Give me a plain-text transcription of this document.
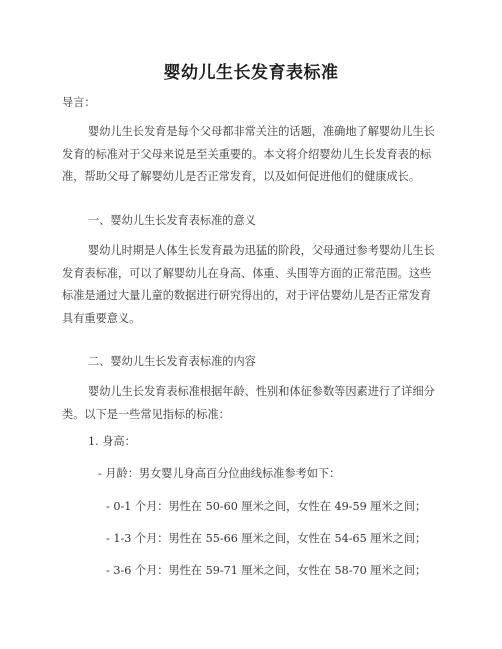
婴幼儿生长发育表标准

导言：

婴幼儿生长发育是每个父母都非常关注的话题，准确地了解婴幼儿生长发育的标准对于父母来说是至关重要的。本文将介绍婴幼儿生长发育表的标准，帮助父母了解婴幼儿是否正常发育，以及如何促进他们的健康成长。

一、婴幼儿生长发育表标准的意义

婴幼儿时期是人体生长发育最为迅猛的阶段，父母通过参考婴幼儿生长发育表标准，可以了解婴幼儿在身高、体重、头围等方面的正常范围。这些标准是通过大量儿童的数据进行研究得出的，对于评估婴幼儿是否正常发育具有重要意义。

二、婴幼儿生长发育表标准的内容

婴幼儿生长发育表标准根据年龄、性别和体征参数等因素进行了详细分类。以下是一些常见指标的标准：

1. 身高：
- 月龄：男女婴儿身高百分位曲线标准参考如下：
- 0-1 个月：男性在 50-60 厘米之间，女性在 49-59 厘米之间；
- 1-3 个月：男性在 55-66 厘米之间，女性在 54-65 厘米之间；
- 3-6 个月：男性在 59-71 厘米之间，女性在 58-70 厘米之间；
